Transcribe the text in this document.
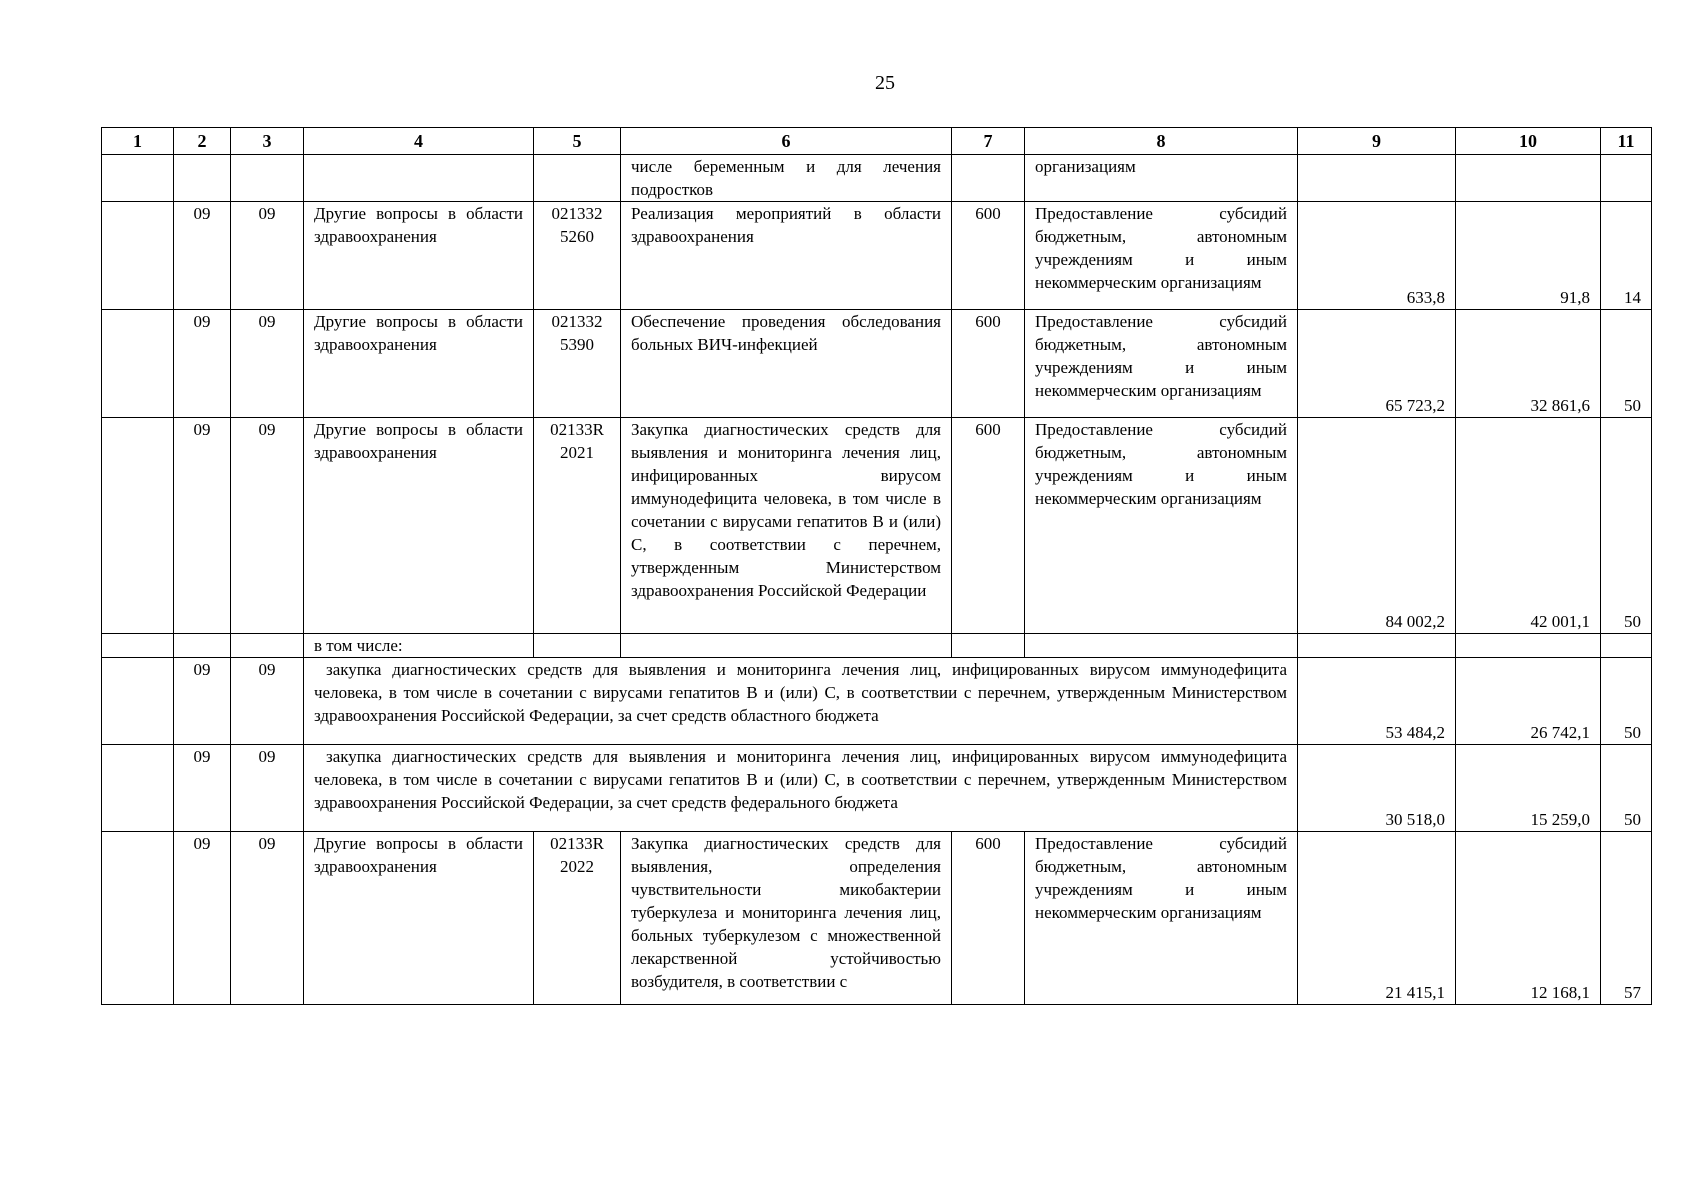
25
1	2	3	4	5	6	7	8	9	10	11
					числе беременным и для лечения подростков		организациям			
	09	09	Другие вопросы в области здравоохранения	021332 5260	Реализация мероприятий в области здравоохранения	600	Предоставление субсидий бюджетным, автономным учреждениям и иным некоммерческим организациям	633,8	91,8	14
	09	09	Другие вопросы в области здравоохранения	021332 5390	Обеспечение проведения обследования больных ВИЧ-инфекцией	600	Предоставление субсидий бюджетным, автономным учреждениям и иным некоммерческим организациям	65 723,2	32 861,6	50
	09	09	Другие вопросы в области здравоохранения	02133R 2021	Закупка диагностических средств для выявления и мониторинга лечения лиц, инфицированных вирусом иммунодефицита человека, в том числе в сочетании с вирусами гепатитов B и (или) C, в соответствии с перечнем, утвержденным Министерством здравоохранения Российской Федерации	600	Предоставление субсидий бюджетным, автономным учреждениям и иным некоммерческим организациям	84 002,2	42 001,1	50
			в том числе:							
	09	09	закупка диагностических средств для выявления и мониторинга лечения лиц, инфицированных вирусом иммунодефицита человека, в том числе в сочетании с вирусами гепатитов B и (или) C, в соответствии с перечнем, утвержденным Министерством здравоохранения Российской Федерации, за счет средств областного бюджета					53 484,2	26 742,1	50
	09	09	закупка диагностических средств для выявления и мониторинга лечения лиц, инфицированных вирусом иммунодефицита человека, в том числе в сочетании с вирусами гепатитов B и (или) C, в соответствии с перечнем, утвержденным Министерством здравоохранения Российской Федерации, за счет средств федерального бюджета					30 518,0	15 259,0	50
	09	09	Другие вопросы в области здравоохранения	02133R 2022	Закупка диагностических средств для выявления, определения чувствительности микобактерии туберкулеза и мониторинга лечения лиц, больных туберкулезом с множественной лекарственной устойчивостью возбудителя, в соответствии с	600	Предоставление субсидий бюджетным, автономным учреждениям и иным некоммерческим организациям	21 415,1	12 168,1	57
